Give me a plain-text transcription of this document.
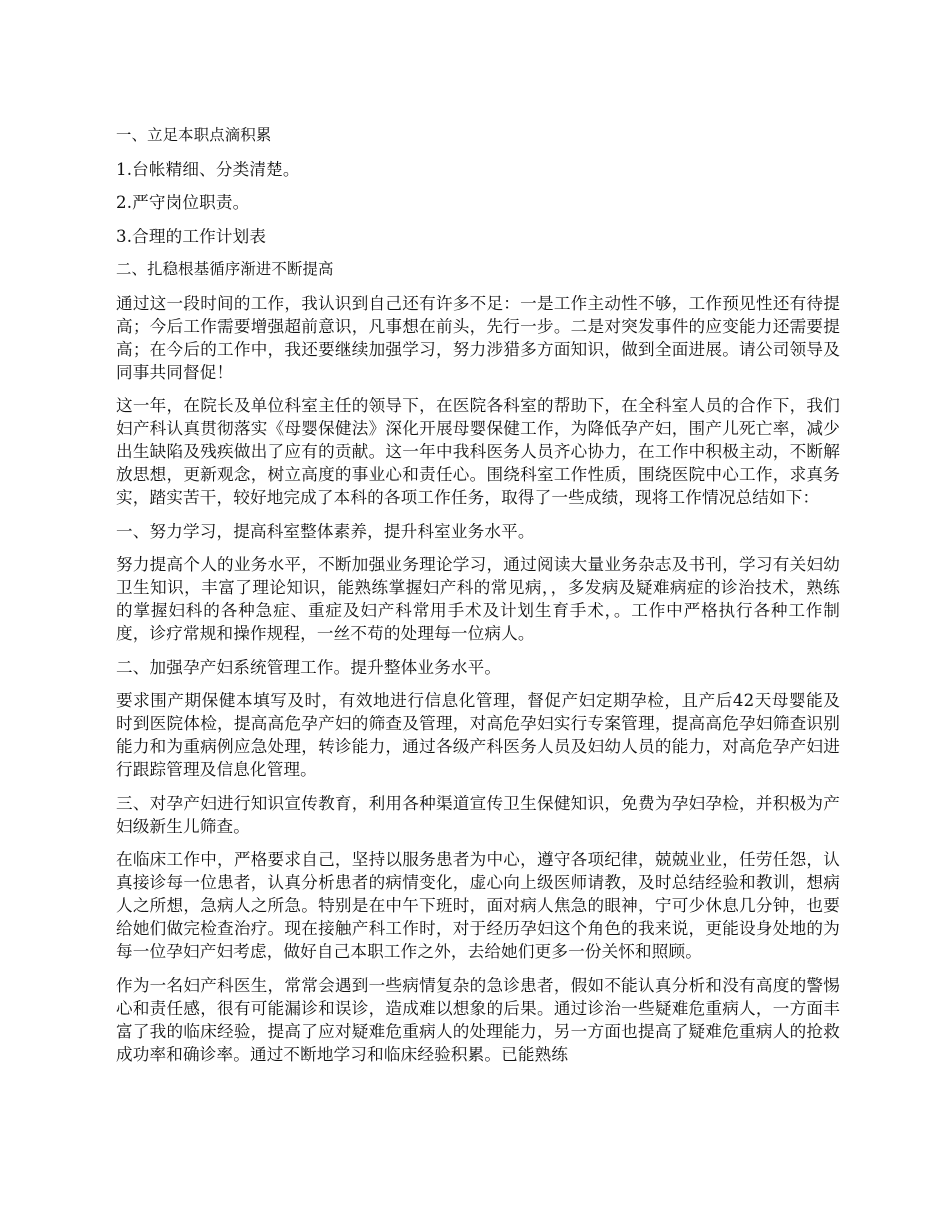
一、立足本职点滴积累

1.台帐精细、分类清楚。

2.严守岗位职责。

3.合理的工作计划表

二、扎稳根基循序渐进不断提高

通过这一段时间的工作，我认识到自己还有许多不足：一是工作主动性不够，工作预见性还有待提高；今后工作需要增强超前意识，凡事想在前头，先行一步。二是对突发事件的应变能力还需要提高；在今后的工作中，我还要继续加强学习，努力涉猎多方面知识，做到全面进展。请公司领导及同事共同督促！

这一年，在院长及单位科室主任的领导下，在医院各科室的帮助下，在全科室人员的合作下，我们妇产科认真贯彻落实《母婴保健法》深化开展母婴保健工作，为降低孕产妇，围产儿死亡率，减少出生缺陷及残疾做出了应有的贡献。这一年中我科医务人员齐心协力，在工作中积极主动，不断解放思想，更新观念，树立高度的事业心和责任心。围绕科室工作性质，围绕医院中心工作，求真务实，踏实苦干，较好地完成了本科的各项工作任务，取得了一些成绩，现将工作情况总结如下：

一、努力学习，提高科室整体素养，提升科室业务水平。

努力提高个人的业务水平，不断加强业务理论学习，通过阅读大量业务杂志及书刊，学习有关妇幼卫生知识，丰富了理论知识，能熟练掌握妇产科的常见病，，多发病及疑难病症的诊治技术，熟练的掌握妇科的各种急症、重症及妇产科常用手术及计划生育手术，。工作中严格执行各种工作制度，诊疗常规和操作规程，一丝不苟的处理每一位病人。

二、加强孕产妇系统管理工作。提升整体业务水平。

要求围产期保健本填写及时，有效地进行信息化管理，督促产妇定期孕检，且产后42天母婴能及时到医院体检，提高高危孕产妇的筛查及管理，对高危孕妇实行专案管理，提高高危孕妇筛查识别能力和为重病例应急处理，转诊能力，通过各级产科医务人员及妇幼人员的能力，对高危孕产妇进行跟踪管理及信息化管理。

三、对孕产妇进行知识宣传教育，利用各种渠道宣传卫生保健知识，免费为孕妇孕检，并积极为产妇级新生儿筛查。

在临床工作中，严格要求自己，坚持以服务患者为中心，遵守各项纪律，兢兢业业，任劳任怨，认真接诊每一位患者，认真分析患者的病情变化，虚心向上级医师请教，及时总结经验和教训，想病人之所想，急病人之所急。特别是在中午下班时，面对病人焦急的眼神，宁可少休息几分钟，也要给她们做完检查治疗。现在接触产科工作时，对于经历孕妇这个角色的我来说，更能设身处地的为每一位孕妇产妇考虑，做好自己本职工作之外，去给她们更多一份关怀和照顾。

作为一名妇产科医生，常常会遇到一些病情复杂的急诊患者，假如不能认真分析和没有高度的警惕心和责任感，很有可能漏诊和误诊，造成难以想象的后果。通过诊治一些疑难危重病人，一方面丰富了我的临床经验，提高了应对疑难危重病人的处理能力，另一方面也提高了疑难危重病人的抢救成功率和确诊率。通过不断地学习和临床经验积累。已能熟练
